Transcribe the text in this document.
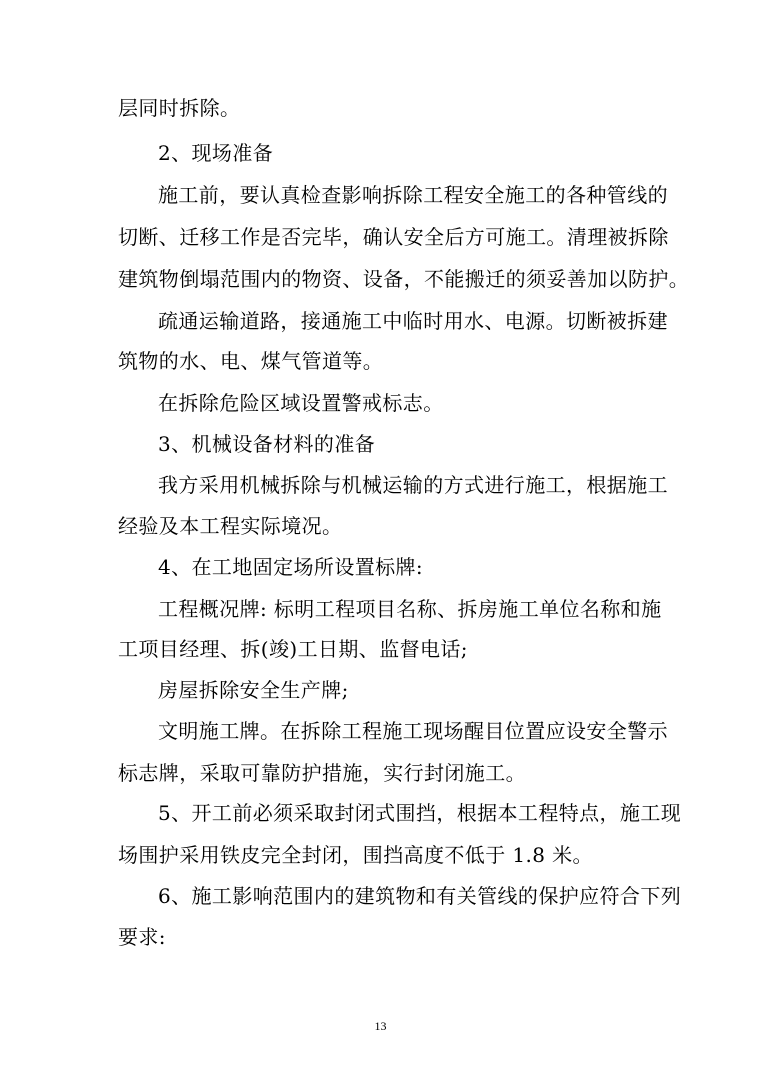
层同时拆除。
2、现场准备
施工前，要认真检查影响拆除工程安全施工的各种管线的
切断、迁移工作是否完毕，确认安全后方可施工。清理被拆除
建筑物倒塌范围内的物资、设备，不能搬迁的须妥善加以防护。
疏通运输道路，接通施工中临时用水、电源。切断被拆建
筑物的水、电、煤气管道等。
在拆除危险区域设置警戒标志。
3、机械设备材料的准备
我方采用机械拆除与机械运输的方式进行施工，根据施工
经验及本工程实际境况。
4、在工地固定场所设置标牌:
工程概况牌: 标明工程项目名称、拆房施工单位名称和施
工项目经理、拆(竣)工日期、监督电话;
房屋拆除安全生产牌;
文明施工牌。在拆除工程施工现场醒目位置应设安全警示
标志牌，采取可靠防护措施，实行封闭施工。
5、开工前必须采取封闭式围挡，根据本工程特点，施工现
场围护采用铁皮完全封闭，围挡高度不低于 1.8 米。
6、施工影响范围内的建筑物和有关管线的保护应符合下列
要求:
13
